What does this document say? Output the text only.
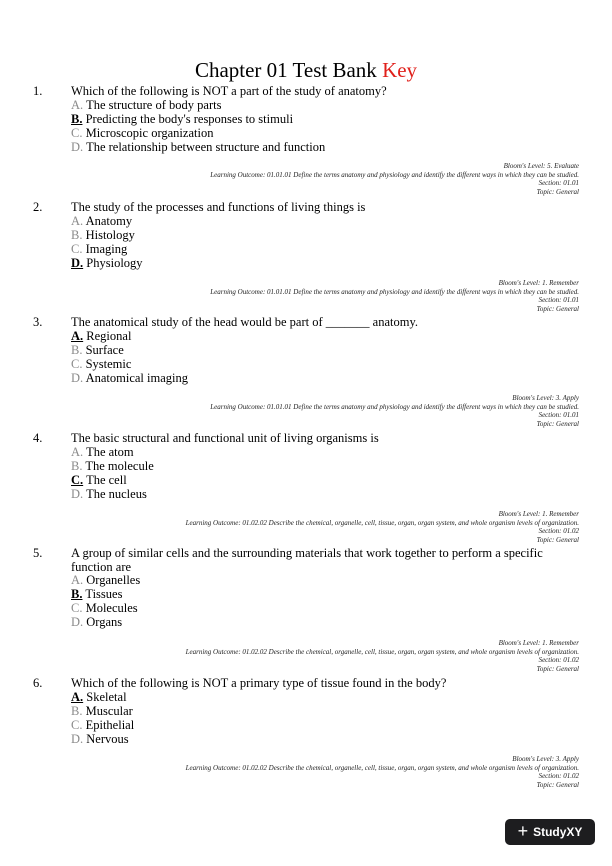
Chapter 01 Test Bank Key
1. Which of the following is NOT a part of the study of anatomy?
A. The structure of body parts
B. Predicting the body's responses to stimuli
C. Microscopic organization
D. The relationship between structure and function
Bloom's Level: 5. Evaluate
Learning Outcome: 01.01.01 Define the terms anatomy and physiology and identify the different ways in which they can be studied.
Section: 01.01
Topic: General
2. The study of the processes and functions of living things is
A. Anatomy
B. Histology
C. Imaging
D. Physiology
Bloom's Level: 1. Remember
Learning Outcome: 01.01.01 Define the terms anatomy and physiology and identify the different ways in which they can be studied.
Section: 01.01
Topic: General
3. The anatomical study of the head would be part of _______ anatomy.
A. Regional
B. Surface
C. Systemic
D. Anatomical imaging
Bloom's Level: 3. Apply
Learning Outcome: 01.01.01 Define the terms anatomy and physiology and identify the different ways in which they can be studied.
Section: 01.01
Topic: General
4. The basic structural and functional unit of living organisms is
A. The atom
B. The molecule
C. The cell
D. The nucleus
Bloom's Level: 1. Remember
Learning Outcome: 01.02.02 Describe the chemical, organelle, cell, tissue, organ, organ system, and whole organism levels of organization.
Section: 01.02
Topic: General
5. A group of similar cells and the surrounding materials that work together to perform a specific function are
A. Organelles
B. Tissues
C. Molecules
D. Organs
Bloom's Level: 1. Remember
Learning Outcome: 01.02.02 Describe the chemical, organelle, cell, tissue, organ, organ system, and whole organism levels of organization.
Section: 01.02
Topic: General
6. Which of the following is NOT a primary type of tissue found in the body?
A. Skeletal
B. Muscular
C. Epithelial
D. Nervous
Bloom's Level: 3. Apply
Learning Outcome: 01.02.02 Describe the chemical, organelle, cell, tissue, organ, organ system, and whole organism levels of organization.
Section: 01.02
Topic: General
+ StudyXY
